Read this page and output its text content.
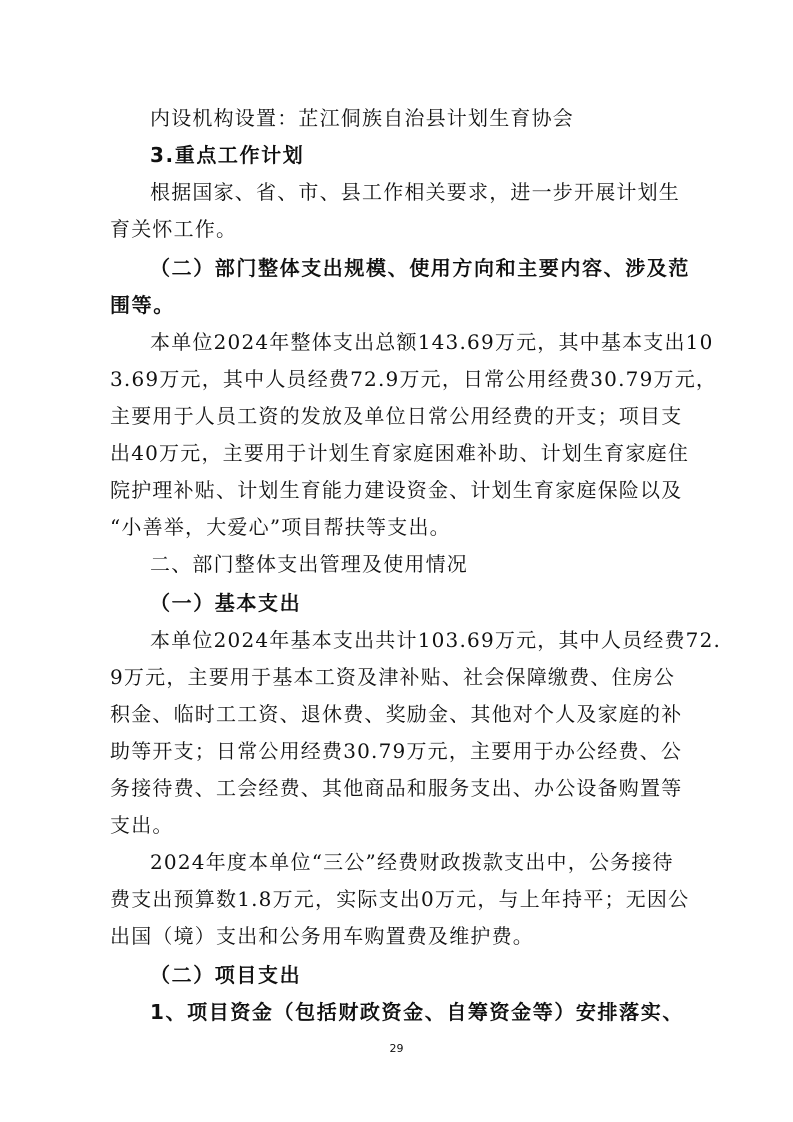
内设机构设置：芷江侗族自治县计划生育协会
3.重点工作计划
根据国家、省、市、县工作相关要求，进一步开展计划生
育关怀工作。
（二）部门整体支出规模、使用方向和主要内容、涉及范
围等。
本单位2024年整体支出总额143.69万元，其中基本支出10
3.69万元，其中人员经费72.9万元，日常公用经费30.79万元，
主要用于人员工资的发放及单位日常公用经费的开支；项目支
出40万元，主要用于计划生育家庭困难补助、计划生育家庭住
院护理补贴、计划生育能力建设资金、计划生育家庭保险以及
“小善举，大爱心”项目帮扶等支出。
二、部门整体支出管理及使用情况
（一）基本支出
本单位2024年基本支出共计103.69万元，其中人员经费72.
9万元，主要用于基本工资及津补贴、社会保障缴费、住房公
积金、临时工工资、退休费、奖励金、其他对个人及家庭的补
助等开支；日常公用经费30.79万元，主要用于办公经费、公
务接待费、工会经费、其他商品和服务支出、办公设备购置等
支出。
2024年度本单位“三公”经费财政拨款支出中，公务接待
费支出预算数1.8万元，实际支出0万元，与上年持平；无因公
出国（境）支出和公务用车购置费及维护费。
（二）项目支出
1、项目资金（包括财政资金、自筹资金等）安排落实、
29
